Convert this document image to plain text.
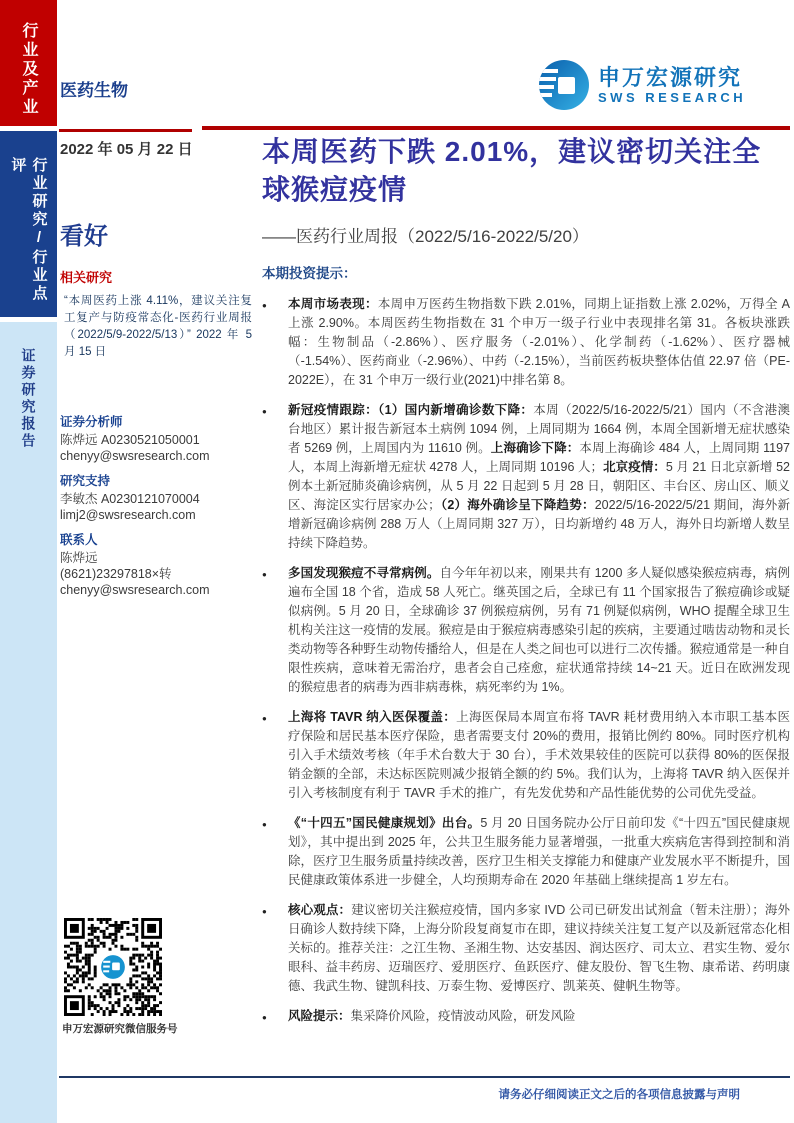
行业及产业
行业研究/行业点评
证券研究报告
医药生物
申万宏源研究
SWS RESEARCH
2022 年 05 月 22 日 本周医药下跌 2.01%，建议密切关注全球猴痘疫情
——医药行业周报（2022/5/16-2022/5/20）
看好
相关研究
“本周医药上涨 4.11%，建议关注复工复产与防疫常态化-医药行业周报（2022/5/9-2022/5/13）” 2022 年 5 月 15 日
证券分析师
陈烨远 A0230521050001
chenyy@swsresearch.com
研究支持
李敏杰 A0230121070004
limj2@swsresearch.com
联系人
陈烨远
(8621)23297818×转
chenyy@swsresearch.com
本期投资提示：
●	本周市场表现：本周申万医药生物指数下跌 2.01%，同期上证指数上涨 2.02%，万得全 A 上涨 2.90%。本周医药生物指数在 31 个申万一级子行业中表现排名第 31。各板块涨跌幅：生物制品（-2.86%）、医疗服务（-2.01%）、化学制药（-1.62%）、医疗器械（-1.54%）、医药商业（-2.96%）、中药（-2.15%），当前医药板块整体估值 22.97 倍（PE-2022E），在 31 个申万一级行业(2021)中排名第 8。
●	新冠疫情跟踪：（1）国内新增确诊数下降：本周（2022/5/16-2022/5/21）国内（不含港澳台地区）累计报告新冠本土病例 1094 例，上周同期为 1664 例，本周全国新增无症状感染者 5269 例，上周国内为 11610 例。上海确诊下降：本周上海确诊 484 人，上周同期 1197 人，本周上海新增无症状 4278 人，上周同期 10196 人；北京疫情：5 月 21 日北京新增 52 例本土新冠肺炎确诊病例，从 5 月 22 日起到 5 月 28 日，朝阳区、丰台区、房山区、顺义区、海淀区实行居家办公；（2）海外确诊呈下降趋势：2022/5/16-2022/5/21 期间，海外新增新冠确诊病例 288 万人（上周同期 327 万），日均新增约 48 万人，海外日均新增人数呈持续下降趋势。
●	多国发现猴痘不寻常病例。自今年年初以来，刚果共有 1200 多人疑似感染猴痘病毒，病例遍布全国 18 个省，造成 58 人死亡。继英国之后，全球已有 11 个国家报告了猴痘确诊或疑似病例。5 月 20 日，全球确诊 37 例猴痘病例，另有 71 例疑似病例，WHO 提醒全球卫生机构关注这一疫情的发展。猴痘是由于猴痘病毒感染引起的疾病，主要通过啮齿动物和灵长类动物等各种野生动物传播给人，但是在人类之间也可以进行二次传播。猴痘通常是一种自限性疾病，意味着无需治疗，患者会自己痊愈，症状通常持续 14~21 天。近日在欧洲发现的猴痘患者的病毒为西非病毒株，病死率约为 1%。
●	上海将 TAVR 纳入医保覆盖：上海医保局本周宣布将 TAVR 耗材费用纳入本市职工基本医疗保险和居民基本医疗保险，患者需要支付 20%的费用，报销比例约 80%。同时医疗机构引入手术绩效考核（年手术台数大于 30 台），手术效果较佳的医院可以获得 80%的医保报销金额的全部，未达标医院则减少报销全额的约 5%。我们认为，上海将 TAVR 纳入医保并引入考核制度有利于 TAVR 手术的推广，有先发优势和产品性能优势的公司优先受益。
●	《“十四五”国民健康规划》出台。5 月 20 日国务院办公厅日前印发《“十四五”国民健康规划》，其中提出到 2025 年，公共卫生服务能力显著增强，一批重大疾病危害得到控制和消除，医疗卫生服务质量持续改善，医疗卫生相关支撑能力和健康产业发展水平不断提升，国民健康政策体系进一步健全，人均预期寿命在 2020 年基础上继续提高 1 岁左右。
●	核心观点：建议密切关注猴痘疫情，国内多家 IVD 公司已研发出试剂盒（暂未注册）；海外日确诊人数持续下降，上海分阶段复商复市在即，建议持续关注复工复产以及新冠常态化相关标的。推荐关注：之江生物、圣湘生物、达安基因、润达医疗、司太立、君实生物、爱尔眼科、益丰药房、迈瑞医疗、爱朋医疗、鱼跃医疗、健友股份、智飞生物、康希诺、药明康德、我武生物、键凯科技、万泰生物、爱博医疗、凯莱英、健帆生物等。
●	风险提示：集采降价风险，疫情波动风险，研发风险
申万宏源研究微信服务号
请务必仔细阅读正文之后的各项信息披露与声明
